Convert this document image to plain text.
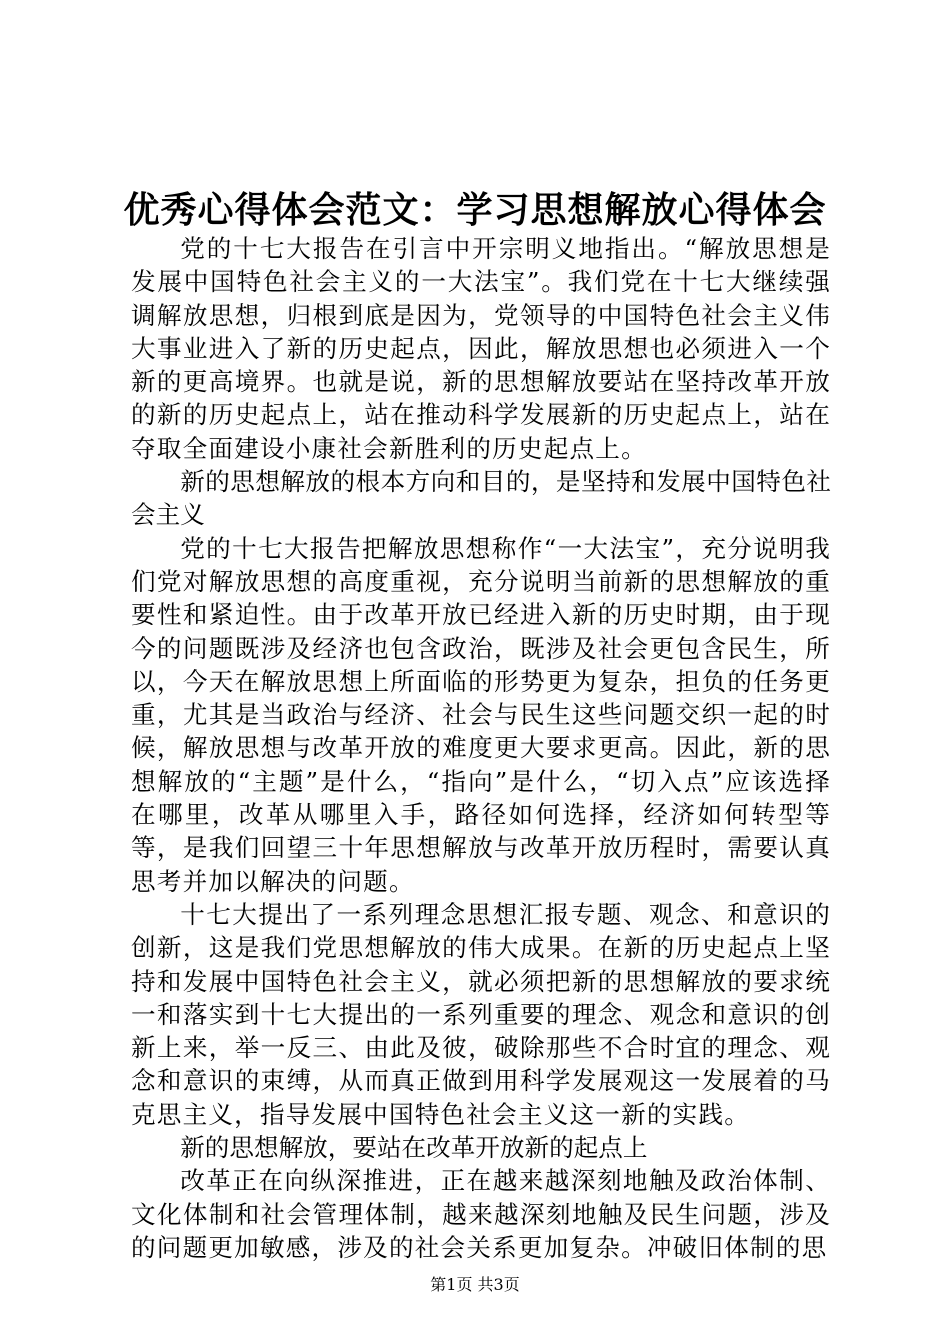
优秀心得体会范文：学习思想解放心得体会

党的十七大报告在引言中开宗明义地指出。“解放思想是发展中国特色社会主义的一大法宝”。我们党在十七大继续强调解放思想，归根到底是因为，党领导的中国特色社会主义伟大事业进入了新的历史起点，因此，解放思想也必须进入一个新的更高境界。也就是说，新的思想解放要站在坚持改革开放的新的历史起点上，站在推动科学发展新的历史起点上，站在夺取全面建设小康社会新胜利的历史起点上。

新的思想解放的根本方向和目的，是坚持和发展中国特色社会主义

党的十七大报告把解放思想称作“一大法宝”，充分说明我们党对解放思想的高度重视，充分说明当前新的思想解放的重要性和紧迫性。由于改革开放已经进入新的历史时期，由于现今的问题既涉及经济也包含政治，既涉及社会更包含民生，所以，今天在解放思想上所面临的形势更为复杂，担负的任务更重，尤其是当政治与经济、社会与民生这些问题交织一起的时候，解放思想与改革开放的难度更大要求更高。因此，新的思想解放的“主题”是什么，“指向”是什么，“切入点”应该选择在哪里，改革从哪里入手，路径如何选择，经济如何转型等等，是我们回望三十年思想解放与改革开放历程时，需要认真思考并加以解决的问题。

十七大提出了一系列理念思想汇报专题、观念、和意识的创新，这是我们党思想解放的伟大成果。在新的历史起点上坚持和发展中国特色社会主义，就必须把新的思想解放的要求统一和落实到十七大提出的一系列重要的理念、观念和意识的创新上来，举一反三、由此及彼，破除那些不合时宜的理念、观念和意识的束缚，从而真正做到用科学发展观这一发展着的马克思主义，指导发展中国特色社会主义这一新的实践。

新的思想解放，要站在改革开放新的起点上

改革正在向纵深推进，正在越来越深刻地触及政治体制、文化体制和社会管理体制，越来越深刻地触及民生问题，涉及的问题更加敏感，涉及的社会关系更加复杂。冲破旧体制的思

第1页 共3页
